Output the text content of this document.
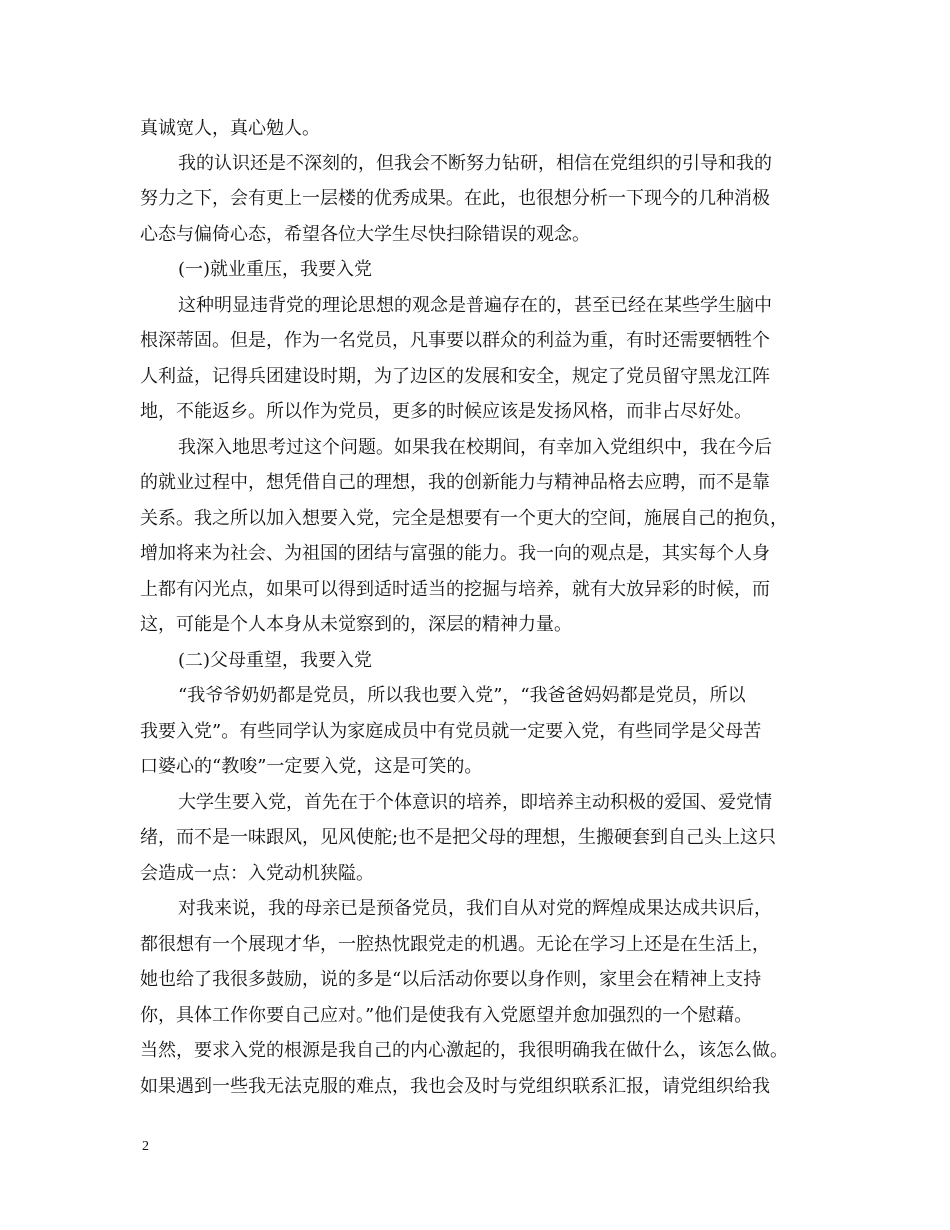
真诚宽人，真心勉人。
我的认识还是不深刻的，但我会不断努力钻研，相信在党组织的引导和我的
努力之下，会有更上一层楼的优秀成果。在此，也很想分析一下现今的几种消极
心态与偏倚心态，希望各位大学生尽快扫除错误的观念。
(一)就业重压，我要入党
这种明显违背党的理论思想的观念是普遍存在的，甚至已经在某些学生脑中
根深蒂固。但是，作为一名党员，凡事要以群众的利益为重，有时还需要牺牲个
人利益，记得兵团建设时期，为了边区的发展和安全，规定了党员留守黑龙江阵
地，不能返乡。所以作为党员，更多的时候应该是发扬风格，而非占尽好处。
我深入地思考过这个问题。如果我在校期间，有幸加入党组织中，我在今后
的就业过程中，想凭借自己的理想，我的创新能力与精神品格去应聘，而不是靠
关系。我之所以加入想要入党，完全是想要有一个更大的空间，施展自己的抱负，
增加将来为社会、为祖国的团结与富强的能力。我一向的观点是，其实每个人身
上都有闪光点，如果可以得到适时适当的挖掘与培养，就有大放异彩的时候，而
这，可能是个人本身从未觉察到的，深层的精神力量。
(二)父母重望，我要入党
“我爷爷奶奶都是党员，所以我也要入党”，“我爸爸妈妈都是党员，所以
我要入党”。有些同学认为家庭成员中有党员就一定要入党，有些同学是父母苦
口婆心的“教唆”一定要入党，这是可笑的。
大学生要入党，首先在于个体意识的培养，即培养主动积极的爱国、爱党情
绪，而不是一味跟风，见风使舵;也不是把父母的理想，生搬硬套到自己头上这只
会造成一点：入党动机狭隘。
对我来说，我的母亲已是预备党员，我们自从对党的辉煌成果达成共识后，
都很想有一个展现才华，一腔热忱跟党走的机遇。无论在学习上还是在生活上，
她也给了我很多鼓励，说的多是“以后活动你要以身作则，家里会在精神上支持
你，具体工作你要自己应对。”他们是使我有入党愿望并愈加强烈的一个慰藉。
当然，要求入党的根源是我自己的内心激起的，我很明确我在做什么，该怎么做。
如果遇到一些我无法克服的难点，我也会及时与党组织联系汇报，请党组织给我
2
